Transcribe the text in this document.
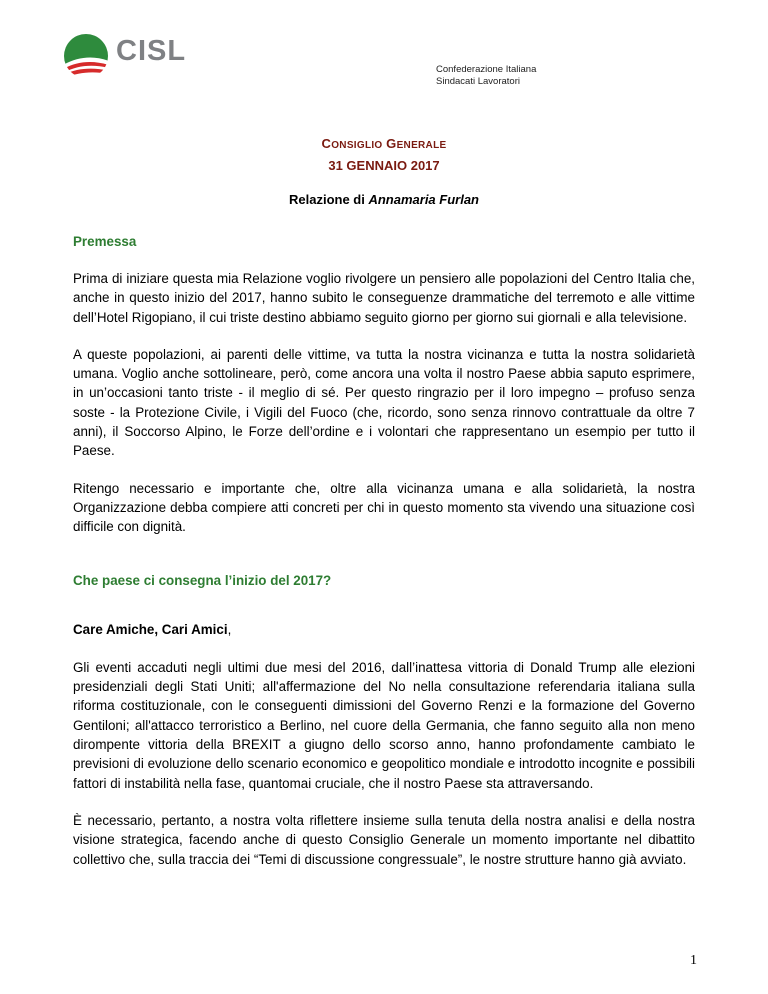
CISL
Confederazione Italiana
Sindacati Lavoratori
CONSIGLIO GENERALE
31 GENNAIO 2017
Relazione di Annamaria Furlan
Premessa

Prima di iniziare questa mia Relazione voglio rivolgere un pensiero alle popolazioni del Centro Italia che, anche in questo inizio del 2017, hanno subito le conseguenze drammatiche del terremoto e alle vittime dell’Hotel Rigopiano, il cui triste destino abbiamo seguito giorno per giorno sui giornali e alla televisione.

A queste popolazioni, ai parenti delle vittime, va tutta la nostra vicinanza e tutta la nostra solidarietà umana. Voglio anche sottolineare, però, come ancora una volta il nostro Paese abbia saputo esprimere, in un’occasioni tanto triste - il meglio di sé. Per questo ringrazio per il loro impegno – profuso senza soste - la Protezione Civile, i Vigili del Fuoco (che, ricordo, sono senza rinnovo contrattuale da oltre 7 anni), il Soccorso Alpino, le Forze dell’ordine e i volontari che rappresentano un esempio per tutto il Paese.

Ritengo necessario e importante che, oltre alla vicinanza umana e alla solidarietà, la nostra Organizzazione debba compiere atti concreti per chi in questo momento sta vivendo una situazione così difficile con dignità.

Che paese ci consegna l’inizio del 2017?

Care Amiche, Cari Amici,

Gli eventi accaduti negli ultimi due mesi del 2016, dall’inattesa vittoria di Donald Trump alle elezioni presidenziali degli Stati Uniti; all'affermazione del No nella consultazione referendaria italiana sulla riforma costituzionale, con le conseguenti dimissioni del Governo Renzi e la formazione del Governo Gentiloni; all'attacco terroristico a Berlino, nel cuore della Germania, che fanno seguito alla non meno dirompente vittoria della BREXIT a giugno dello scorso anno, hanno profondamente cambiato le previsioni di evoluzione dello scenario economico e geopolitico mondiale e introdotto incognite e possibili fattori di instabilità nella fase, quantomai cruciale, che il nostro Paese sta attraversando.

È necessario, pertanto, a nostra volta riflettere insieme sulla tenuta della nostra analisi e della nostra visione strategica, facendo anche di questo Consiglio Generale un momento importante nel dibattito collettivo che, sulla traccia dei “Temi di discussione congressuale”, le nostre strutture hanno già avviato.

1
